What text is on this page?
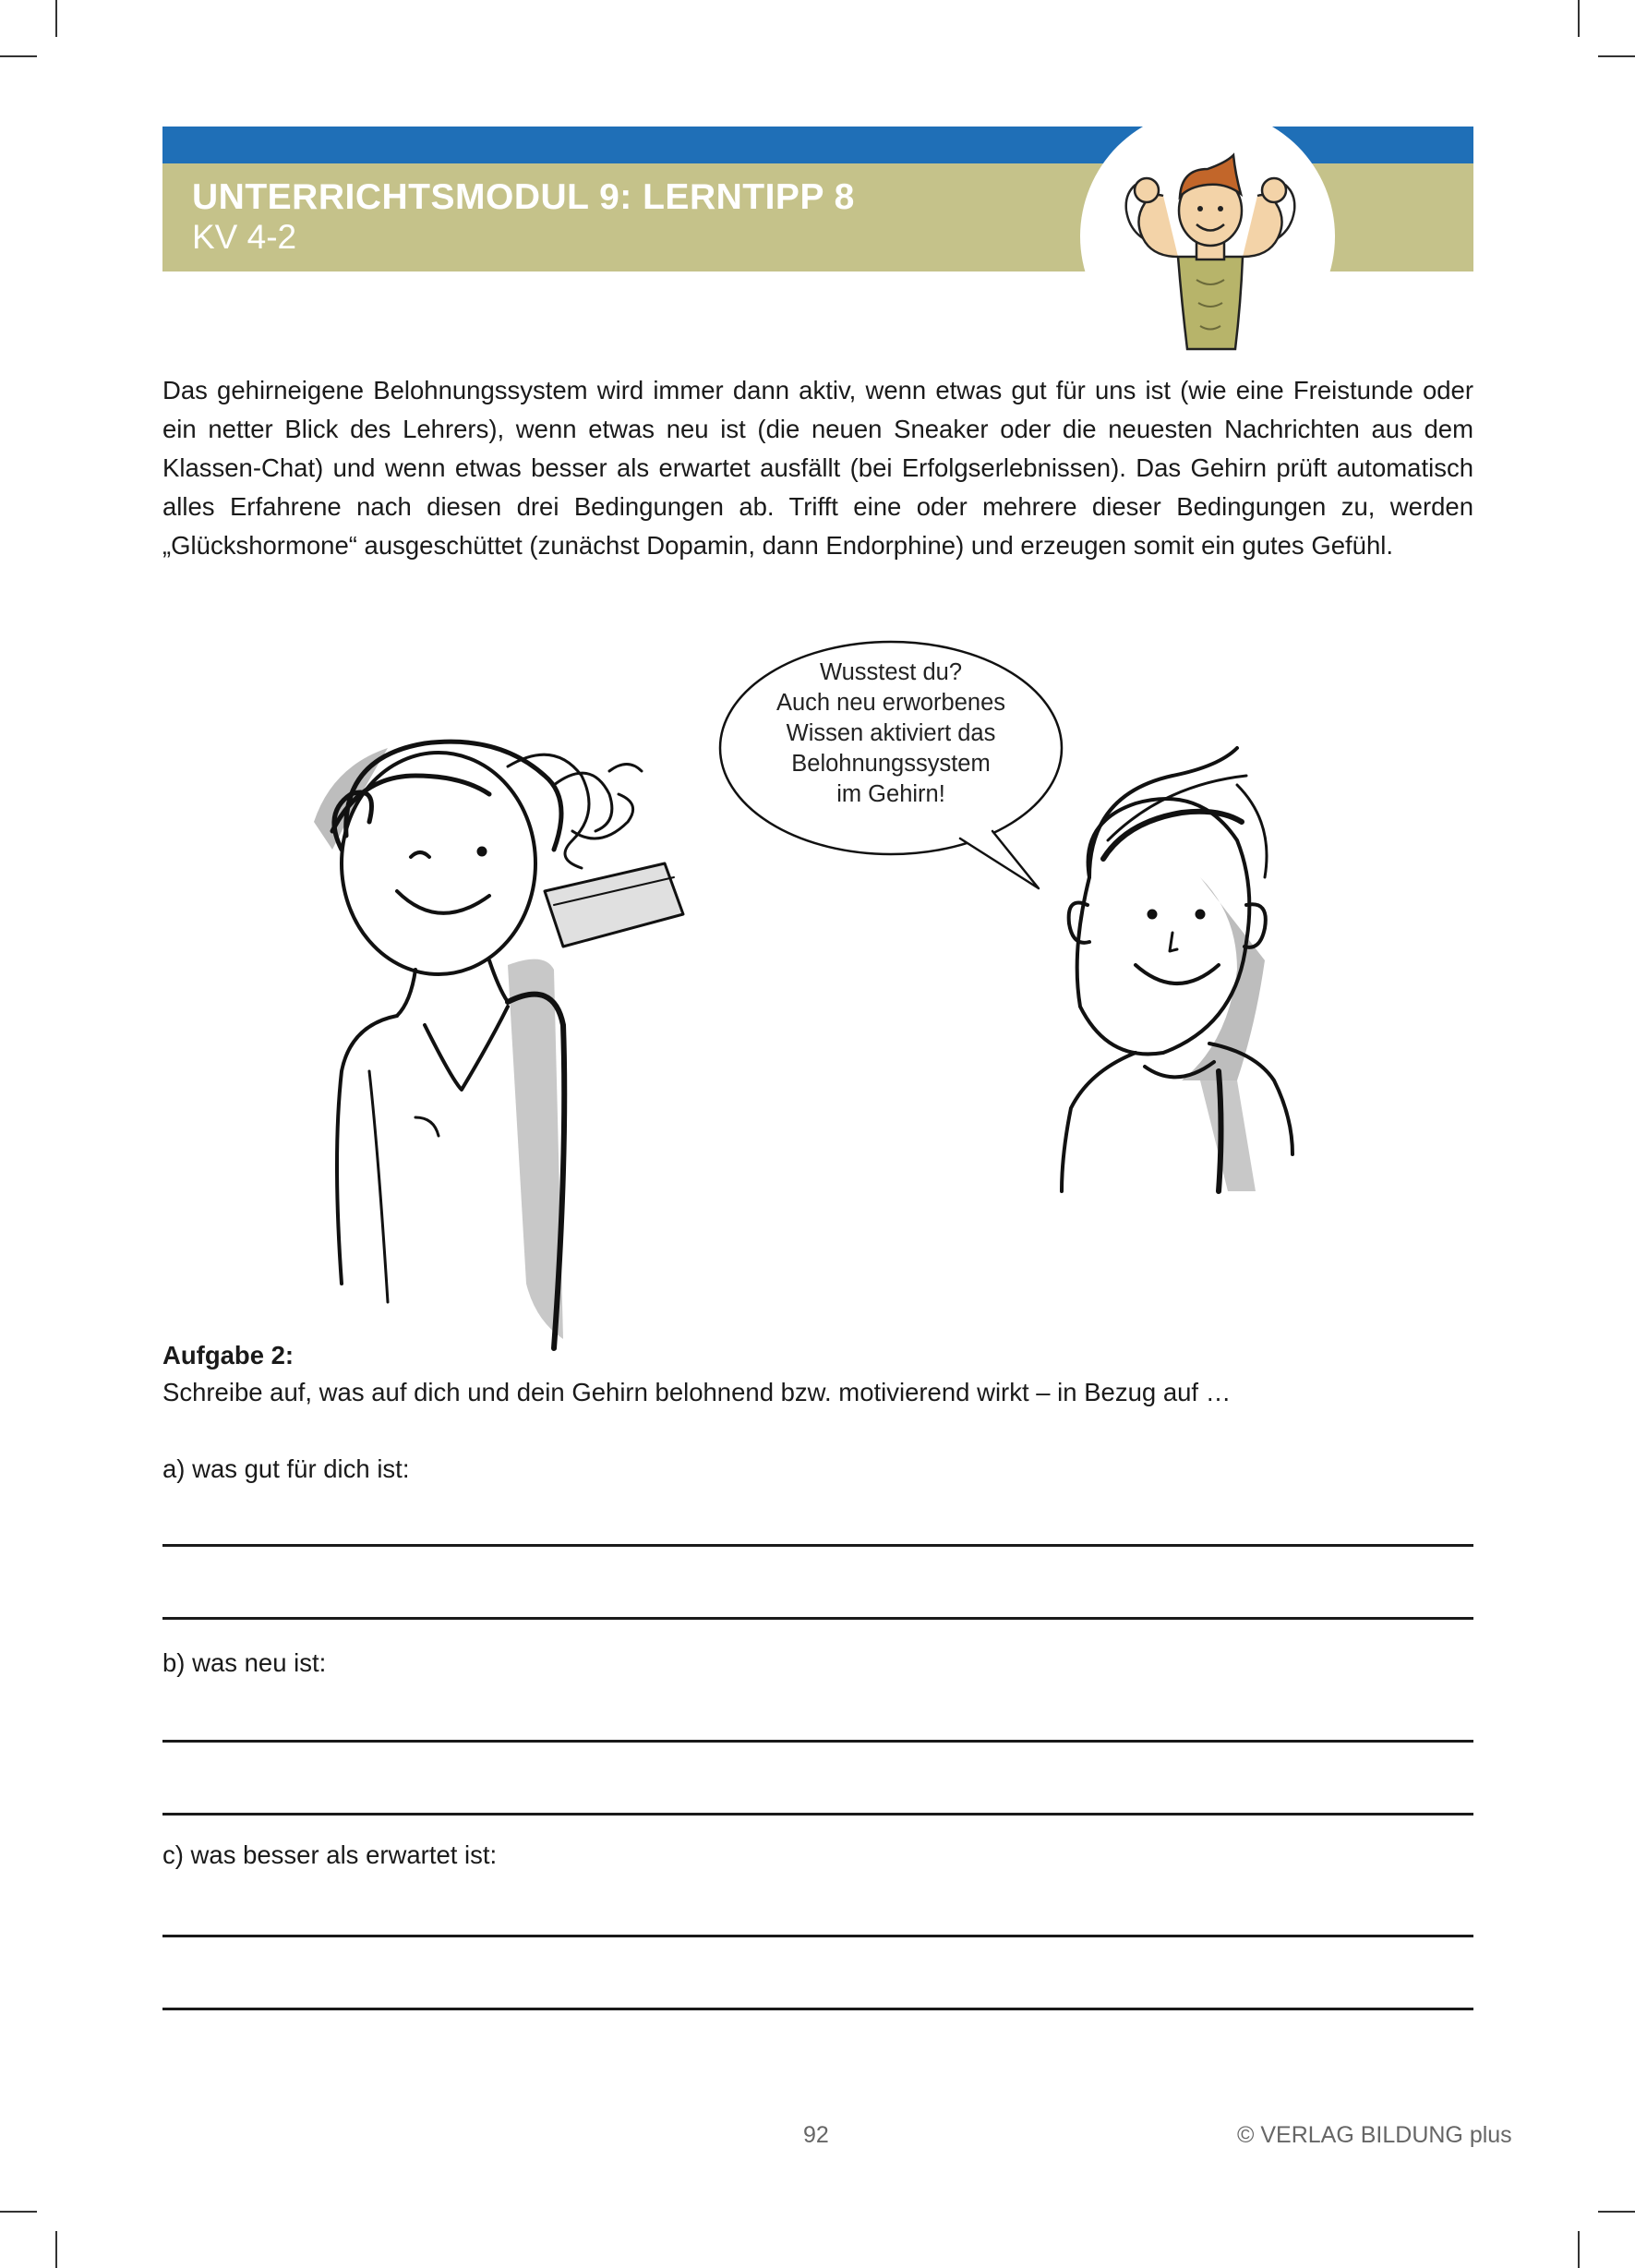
UNTERRICHTSMODUL 9: LERNTIPP 8
KV 4-2

Das gehirneigene Belohnungssystem wird immer dann aktiv, wenn etwas gut für uns ist (wie eine Freistunde oder ein netter Blick des Lehrers), wenn etwas neu ist (die neuen Sneaker oder die neuesten Nachrichten aus dem Klassen-Chat) und wenn etwas besser als erwartet ausfällt (bei Erfolgserlebnissen). Das Gehirn prüft automatisch alles Erfahrene nach diesen drei Bedingungen ab. Trifft eine oder mehrere dieser Bedingungen zu, werden „Glückshormone“ ausgeschüttet (zunächst Dopamin, dann Endorphine) und erzeugen somit ein gutes Gefühl.

Wusstest du?
Auch neu erworbenes
Wissen aktiviert das
Belohnungssystem
im Gehirn!
Aufgabe 2:
Schreibe auf, was auf dich und dein Gehirn belohnend bzw. motivierend wirkt – in Bezug auf …
a) was gut für dich ist:
b) was neu ist:
c) was besser als erwartet ist:
92	© VERLAG BILDUNG plus
